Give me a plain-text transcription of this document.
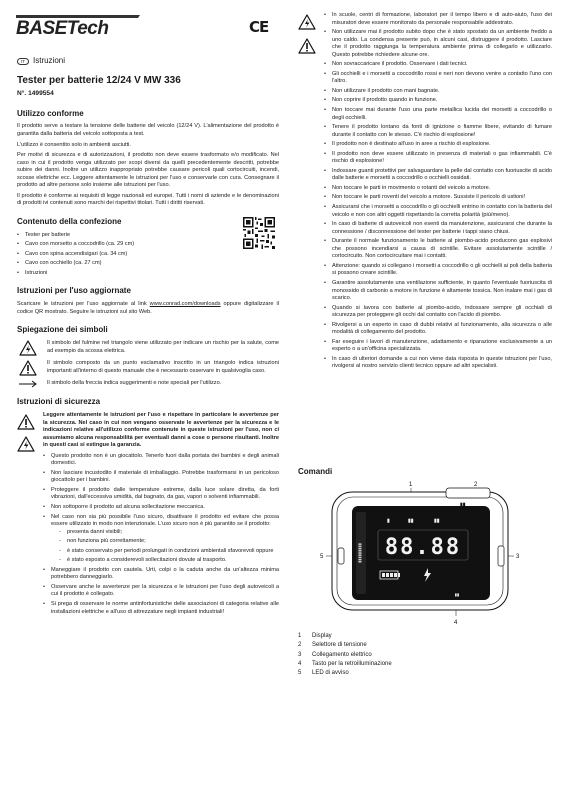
BASETech	CE
IT	Istruzioni
Tester per batterie 12/24 V MW 336
N°. 1499554
Utilizzo conforme

Il prodotto serve a testare la tensione delle batterie del veicolo (12/24 V). L'alimentazione del prodotto è garantita dalla batteria del veicolo sottoposta a test.

L'utilizzo è consentito solo in ambienti asciutti.

Per motivi di sicurezza e di autorizzazioni, il prodotto non deve essere trasformato e/o modificato. Nel caso in cui il prodotto venga utilizzato per scopi diversi da quelli precedentemente descritti, potrebbe subire dei danni. Inoltre un utilizzo inappropriato potrebbe causare pericoli quali cortocircuiti, incendi, scosse elettriche ecc. Leggere attentamente le istruzioni per l'uso e conservarle con cura. Consegnare il prodotto ad altre persone solo insieme alle istruzioni per l'uso.

Il prodotto è conforme ai requisiti di legge nazionali ed europei. Tutti i nomi di aziende e le denominazioni di prodotti ivi contenuti sono marchi dei rispettivi titolari. Tutti i diritti riservati.

Contenuto della confezione
• Tester per batterie
• Cavo con morsetto a coccodrillo (ca. 29 cm)
• Cavo con spina accendisigari (ca. 34 cm)
• Cavo con occhiello (ca. 27 cm)
• Istruzioni
Istruzioni per l'uso aggiornate

Scaricare le istruzioni per l'uso aggiornate al link www.conrad.com/downloads oppure digitalizzare il codice QR mostrato. Seguire le istruzioni sul sito Web.

Spiegazione dei simboli
Il simbolo del fulmine nel triangolo viene utilizzato per indicare un rischio per la salute, come ad esempio da scossa elettrica.
Il simbolo composto da un punto esclamativo inscritto in un triangolo indica istruzioni importanti all'interno di questo manuale che è necessario osservare in qualsivoglia caso.
Il simbolo della freccia indica suggerimenti e note speciali per l'utilizzo.
Istruzioni di sicurezza

Leggere attentamente le istruzioni per l'uso e rispettare in particolare le avvertenze per la sicurezza. Nel caso in cui non vengano osservate le avvertenze per la sicurezza e le indicazioni relative all'utilizzo conforme contenute in queste istruzioni per l'uso, non ci assumiamo alcuna responsabilità per eventuali danni a cose o persone risultanti. Inoltre in questi casi si estingue la garanzia.

• Questo prodotto non è un giocattolo. Tenerlo fuori dalla portata dei bambini e degli animali domestici.
• Non lasciare incustodito il materiale di imballaggio. Potrebbe trasformarsi in un pericoloso giocattolo per i bambini.
• Proteggere il prodotto dalle temperature estreme, dalla luce solare diretta, da forti vibrazioni, dall'eccessiva umidità, dal bagnato, da gas, vapori o solventi infiammabili.
• Non sottoporre il prodotto ad alcuna sollecitazione meccanica.
• Nel caso non sia più possibile l'uso sicuro, disattivare il prodotto ed evitare che possa essere utilizzato in modo non intenzionale. L'uso sicuro non è più garantito se il prodotto:
- presenta danni visibili;
- non funziona più correttamente;
- è stato conservato per periodi prolungati in condizioni ambientali sfavorevoli oppure
- è stato esposto a considerevoli sollecitazioni dovute al trasporto.
• Maneggiare il prodotto con cautela. Urti, colpi o la caduta anche da un'altezza minima potrebbero danneggiarlo.
• Osservare anche le avvertenze per la sicurezza e le istruzioni per l'uso degli autoveicoli a cui il prodotto è collegato.
• Si prega di osservare le norme antinfortunistiche delle associazioni di categoria relative alle installazioni elettriche e all'uso di attrezzature negli impianti industriali!
• In scuole, centri di formazione, laboratori per il tempo libero e di auto-aiuto, l'uso dei misuratori deve essere monitorato da personale responsabile addestrato.
• Non utilizzare mai il prodotto subito dopo che è stato spostato da un ambiente freddo a uno caldo. La condensa presente può, in alcuni casi, distruggere il prodotto. Lasciare che il prodotto raggiunga la temperatura ambiente prima di collegarlo e utilizzarlo. Questo potrebbe richiedere alcune ore.
• Non sovraccaricare il prodotto. Osservare i dati tecnici.
• Gli occhielli e i morsetti a coccodrillo rossi e neri non devono venire a contatto l'uno con l'altro.
• Non utilizzare il prodotto con mani bagnate.
• Non coprire il prodotto quando in funzione.
• Non toccare mai durante l'uso una parte metallica lucida dei morsetti a coccodrillo o degli occhielli.
• Tenere il prodotto lontano da fonti di ignizione o fiamme libere, evitando di fumare durante il contatto con le stesso. C'è rischio di esplosione!
• Il prodotto non è destinato all'uso in aree a rischio di esplosione.
• Il prodotto non deve essere utilizzato in presenza di materiali o gas infiammabili. C'è rischio di esplosione!
• Indossare guanti protettivi per salvaguardare la pelle dal contatto con fuoriuscite di acido dalle batterie e morsetti a coccodrillo o occhielli ossidati.
• Non toccare le parti in movimento o rotanti del veicolo a motore.
• Non toccare le parti roventi del veicolo a motore. Sussiste il pericolo di ustioni!
• Assicurarsi che i morsetti a coccodrillo o gli occhielli entrino in contatto con la batteria del veicolo e non con altri oggetti rispettando la corretta polarità (più/meno).
• In caso di batterie di autoveicoli non esenti da manutenzione, assicurarsi che durante la connessione / disconnessione del tester per batterie i tappi siano chiusi.
• Durante il normale funzionamento le batterie al piombo-acido producono gas esplosivi che possono incendiarsi a causa di scintille. Evitare assolutamente scintille / cortocircuito. Non cortocircuitare mai i contatti.
• Attenzione: quando si collegano i morsetti a coccodrillo o gli occhielli ai poli della batteria si possono creare scintille.
• Garantire assolutamente una ventilazione sufficiente, in quanto l'eventuale fuoriuscita di monossido di carbonio a motore in funzione è altamente tossica. Non inalare mai i gas di scarico.
• Quando si lavora con batterie al piombo-acido, indossare sempre gli occhiali di sicurezza per proteggere gli occhi dal contatto con l'acido di piombo.
• Rivolgersi a un esperto in caso di dubbi relativi al funzionamento, alla sicurezza o alle modalità di collegamento del prodotto.
• Far eseguire i lavori di manutenzione, adattamento e riparazione esclusivamente a un esperto o a un'officina specializzata.
• In caso di ulteriori domande a cui non viene data risposta in queste istruzioni per l'uso, rivolgersi al nostro servizio clienti tecnico oppure ad altri specialisti.
Comandi
1	2
3
4
5	▮▮▮▮▮▮▮▮▮
▮	▮▮	▮▮
▮▮
88.88
▮▮
1	Display
2	Selettore di tensione
3	Collegamento elettrico
4	Tasto per la retroilluminazione
5	LED di avviso
